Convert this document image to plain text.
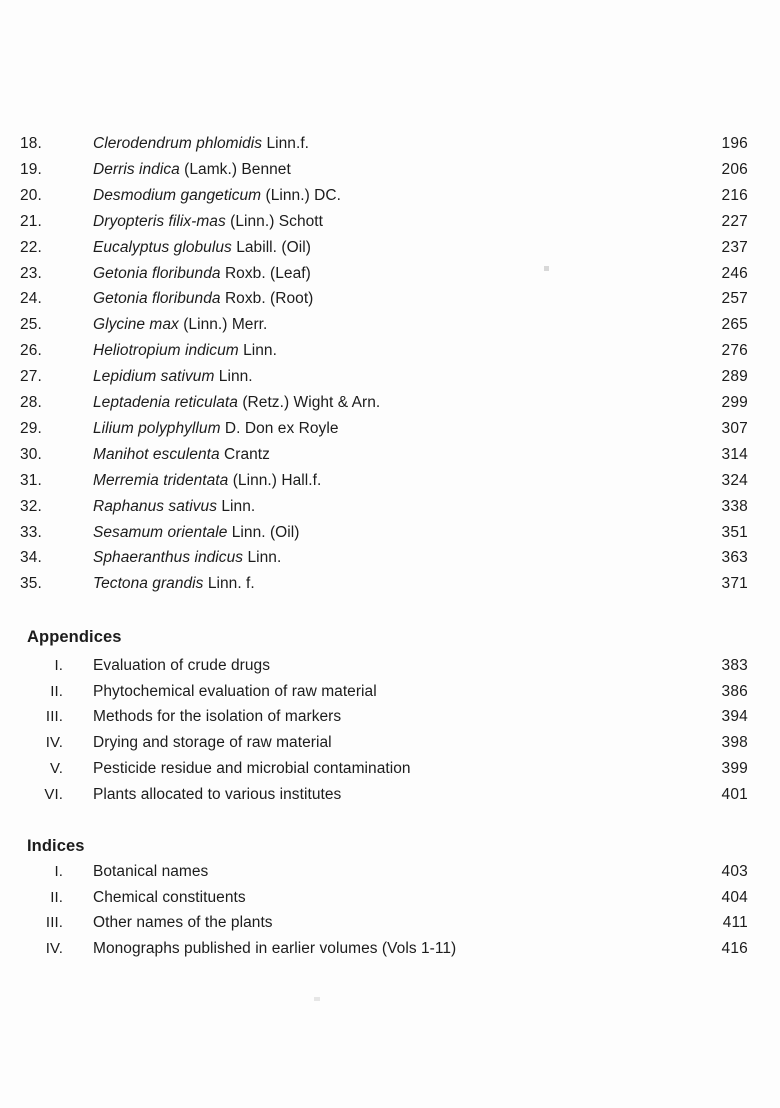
18.	Clerodendrum phlomidis Linn.f.	196
19.	Derris indica (Lamk.) Bennet	206
20.	Desmodium gangeticum (Linn.) DC.	216
21.	Dryopteris filix-mas (Linn.) Schott	227
22.	Eucalyptus globulus Labill. (Oil)	237
23.	Getonia floribunda Roxb. (Leaf)	246
24.	Getonia floribunda Roxb. (Root)	257
25.	Glycine max (Linn.) Merr.	265
26.	Heliotropium indicum Linn.	276
27.	Lepidium sativum Linn.	289
28.	Leptadenia reticulata (Retz.) Wight & Arn.	299
29.	Lilium polyphyllum D. Don ex Royle	307
30.	Manihot esculenta Crantz	314
31.	Merremia tridentata (Linn.) Hall.f.	324
32.	Raphanus sativus Linn.	338
33.	Sesamum orientale Linn. (Oil)	351
34.	Sphaeranthus indicus Linn.	363
35.	Tectona grandis Linn. f.	371
Appendices
I. Evaluation of crude drugs	383
II. Phytochemical evaluation of raw material	386
III. Methods for the isolation of markers	394
IV. Drying and storage of raw material	398
V. Pesticide residue and microbial contamination	399
VI. Plants allocated to various institutes	401
Indices
I. Botanical names	403
II. Chemical constituents	404
III. Other names of the plants	411
IV. Monographs published in earlier volumes (Vols 1-11)	416
